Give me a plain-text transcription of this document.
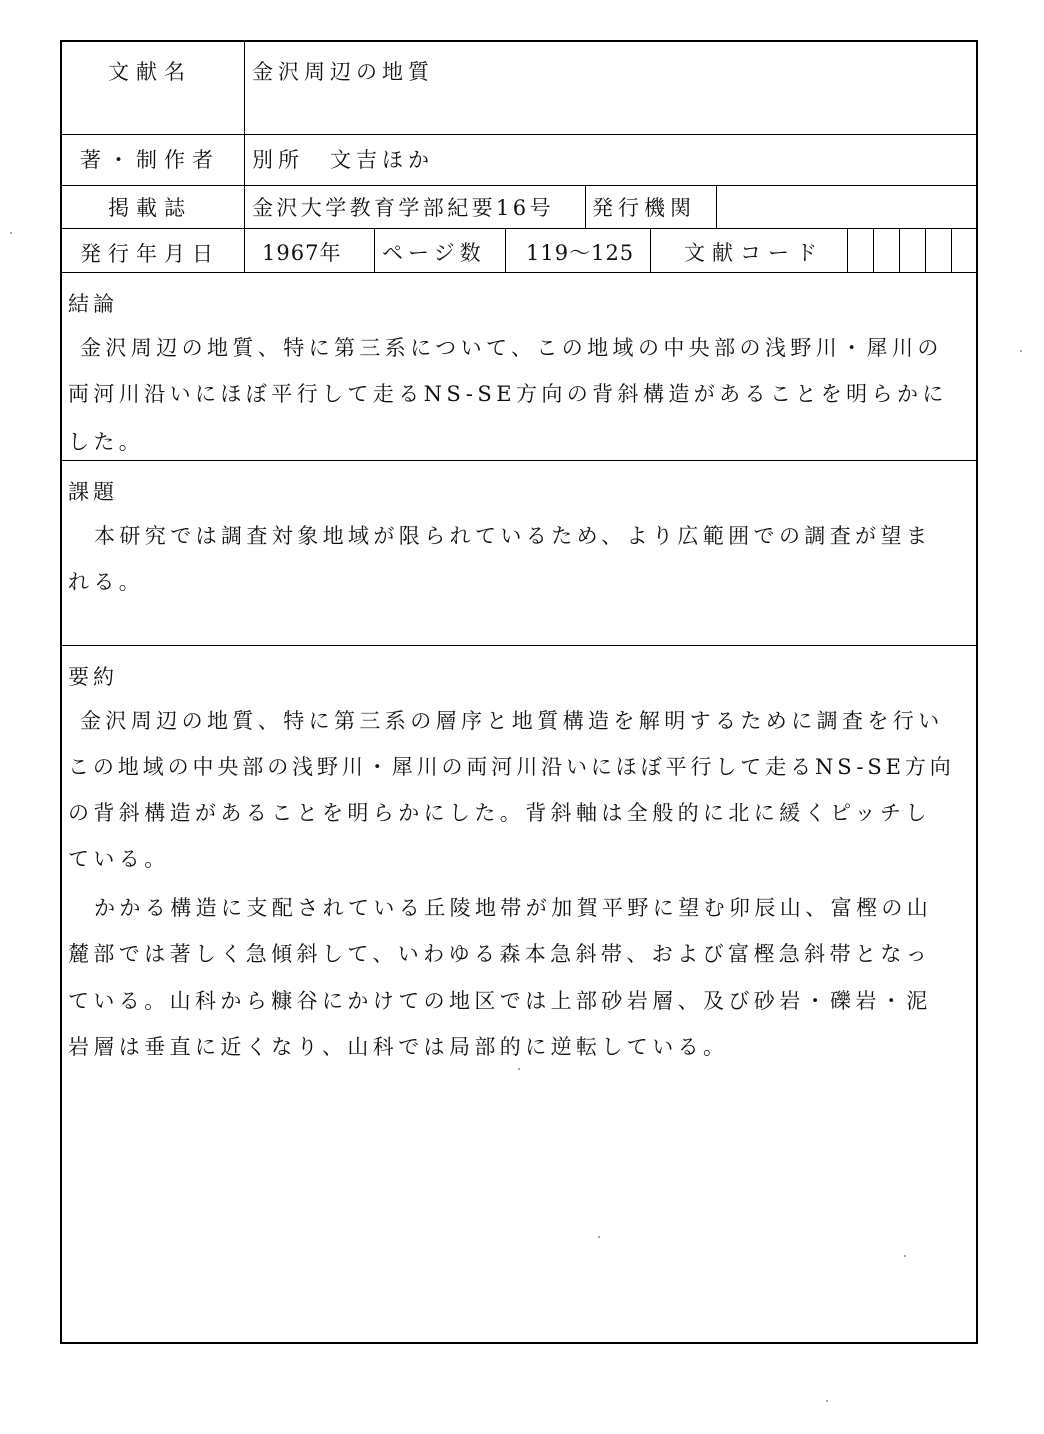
文献名	金沢周辺の地質
著・制作者 別所　文吉ほか
掲載誌	金沢大学教育学部紀要16号 発行機関
発行年月日 1967年 ページ数 119～125 文献コード
結論
金沢周辺の地質、特に第三系について、この地域の中央部の浅野川・犀川の
両河川沿いにほぼ平行して走るNS-SE方向の背斜構造があることを明らかに
した。
課題
本研究では調査対象地域が限られているため、より広範囲での調査が望ま
れる。
要約
金沢周辺の地質、特に第三系の層序と地質構造を解明するために調査を行い
この地域の中央部の浅野川・犀川の両河川沿いにほぼ平行して走るNS-SE方向
の背斜構造があることを明らかにした。背斜軸は全般的に北に緩くピッチし
ている。
かかる構造に支配されている丘陵地帯が加賀平野に望む卯辰山、富樫の山
麓部では著しく急傾斜して、いわゆる森本急斜帯、および富樫急斜帯となっ
ている。山科から糠谷にかけての地区では上部砂岩層、及び砂岩・礫岩・泥
岩層は垂直に近くなり、山科では局部的に逆転している。
